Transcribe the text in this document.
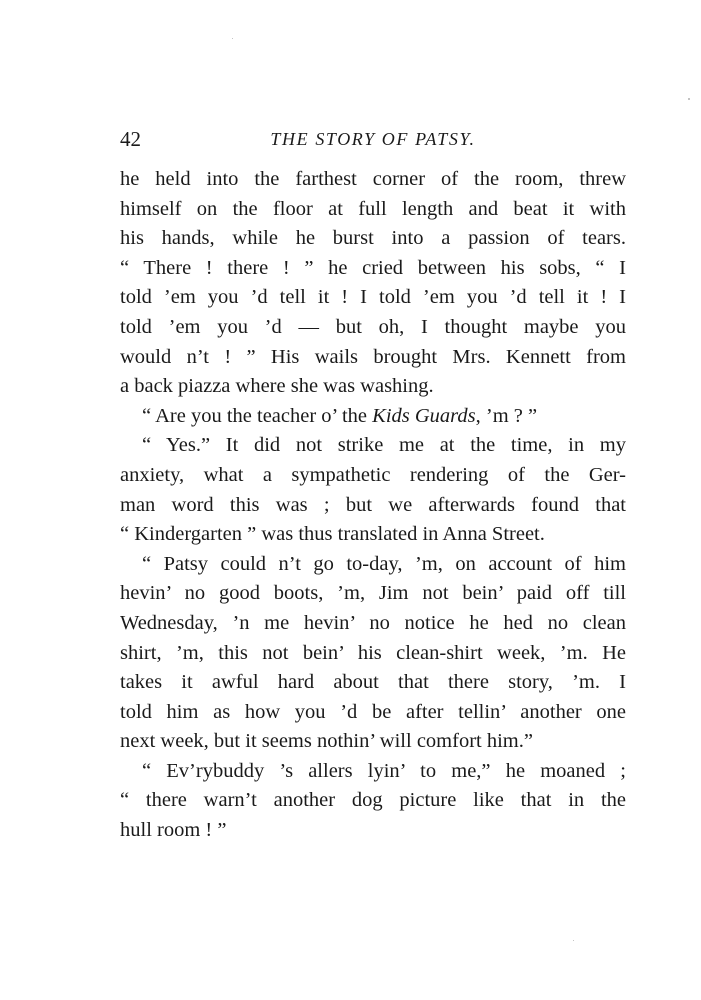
42	THE STORY OF PATSY.
he held into the farthest corner of the room, threw
himself on the floor at full length and beat it with
his hands, while he burst into a passion of tears.
“ There ! there ! ” he cried between his sobs, “ I
told ’em you ’d tell it ! I told ’em you ’d tell it ! I
told ’em you ’d — but oh, I thought maybe you
would n’t ! ” His wails brought Mrs. Kennett from
a back piazza where she was washing.
“ Are you the teacher o’ the Kids Guards, ’m ? ”
“ Yes.” It did not strike me at the time, in my
anxiety, what a sympathetic rendering of the Ger-
man word this was ; but we afterwards found that
“ Kindergarten ” was thus translated in Anna Street.
“ Patsy could n’t go to-day, ’m, on account of him
hevin’ no good boots, ’m, Jim not bein’ paid off till
Wednesday, ’n me hevin’ no notice he hed no clean
shirt, ’m, this not bein’ his clean-shirt week, ’m. He
takes it awful hard about that there story, ’m. I
told him as how you ’d be after tellin’ another one
next week, but it seems nothin’ will comfort him.”
“ Ev’rybuddy ’s allers lyin’ to me,” he moaned ;
“ there warn’t another dog picture like that in the
hull room ! ”
